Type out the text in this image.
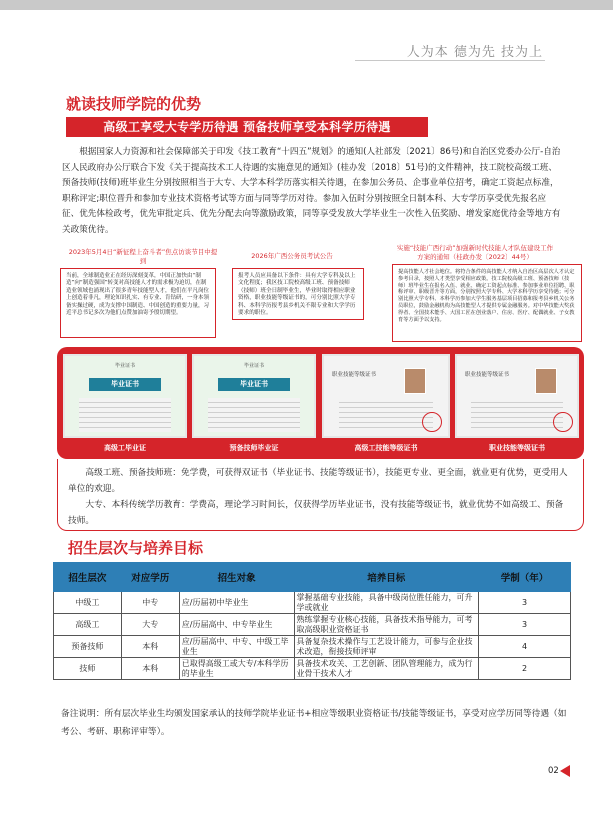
人为本 德为先 技为上
就读技师学院的优势
高级工享受大专学历待遇 预备技师享受本科学历待遇
根据国家人力资源和社会保障部关于印发《技工教育“十四五”规划》的通知(人社部发〔2021〕86号)和自治区党委办公厅-自治区人民政府办公厅联合下发《关于提高技术工人待遇的实施意见的通知》(桂办发〔2018〕51号)的文件精神，技工院校高级工班、预备技师(技师)班毕业生分别按照相当于大专、大学本科学历落实相关待遇，在参加公务员、企事业单位招考，确定工资起点标准，职称评定;职位晋升和参加专业技术资格考试等方面与同等学历对待。参加入伍时分别按照全日制本科、大专学历享受优先报名应征、优先体检政考，优先审批定兵、优先分配去向等激励政策，同等享受发放大学毕业生一次性入伍奖励、增发家庭优待金等地方有关政策优待。
2023年5月4日“新征程上奋斗者”焦点访谈节目中提到
2026年广西公务员考试公告
实施“技能广西行动”加强新时代技能人才队伍建设工作方案的通知（桂政办发〔2022〕44号）
当前，全球制造业正在经历深刻变革，中国正加快由“制造”向“制造强国”转变对高技能人才的需求极为迫切，在制造业领域也涌现出了很多青年技能型人才，他们在平凡岗位上创造着非凡，理论知识扎实、有专业、肯钻研，一身本领备实操过硬，成为支撑中国制造、中国创造的重要力量，习近平总书记多次为他们点赞加油寄予殷切期望。
报考人员应具备以下条件：具有大学专科及以上文化程度；我区技工院校高级工班、预备技师（技师）班全日制毕业生，毕业时取得相应职业资格，职业技能等级证书的，可分别比照大学专科、本科学历报考县乡机关不限专业和大学学历要求的职位。
提高技能人才社会地位。将符合条件的高技能人才纳入自治区高层次人才认定参考目录，按照人才类型享受相应政策。技工院校高级工班、预备技师（技师）班毕业生在报名入伍、就业、确定工资起点标准、参加事业单位招聘、职称评审、职级晋升等方面，分别按照大学专科、大学本科学历享受待遇；可分别比照大学专科、本科学历参加大学生服务基层项目招募和报考县乡机关公务员职位，鼓励金融机构为高技能型人才提供专属金融服务。对中华技能大奖获得者、全国技术能手、大国工匠在创业落户、住房、医疗、配偶就业、子女教育等方面予以支持。
毕业证书
毕业证书
毕业证书
毕业证书
职业技能等级证书	职业技能等级证书
高级工毕业证	预备技师毕业证	高级工技能等级证书	职业技能等级证书

高级工班、预备技师班：免学费，可获得双证书（毕业证书、技能等级证书），技能更专业、更全面，就业更有优势，更受用人单位的欢迎。

大专、本科传统学历教育：学费高，理论学习时间长，仅获得学历毕业证书，没有技能等级证书，就业优势不如高级工、预备技师。

招生层次与培养目标
招生层次	对应学历	招生对象	培养目标	学制（年）
中级工	中专	应/历届初中毕业生	掌握基础专业技能，具备中级岗位胜任能力，可升学或就业	3
高级工	大专	应/历届高中、中专毕业生	熟练掌握专业核心技能，具备技术指导能力，可考取高级职业资格证书	3
预备技师	本科	应/历届高中、中专、中级工毕业生	具备复杂技术操作与工艺设计能力，可参与企业技术改造，衔接技师评审	4
技师	本科	已取得高级工或大专/本科学历的毕业生	具备技术攻关、工艺创新、团队管理能力，成为行业骨干技术人才	2
备注说明：所有层次毕业生均颁发国家承认的技师学院毕业证书+相应等级职业资格证书/技能等级证书，享受对应学历同等待遇（如考公、考研、职称评审等）。
02
